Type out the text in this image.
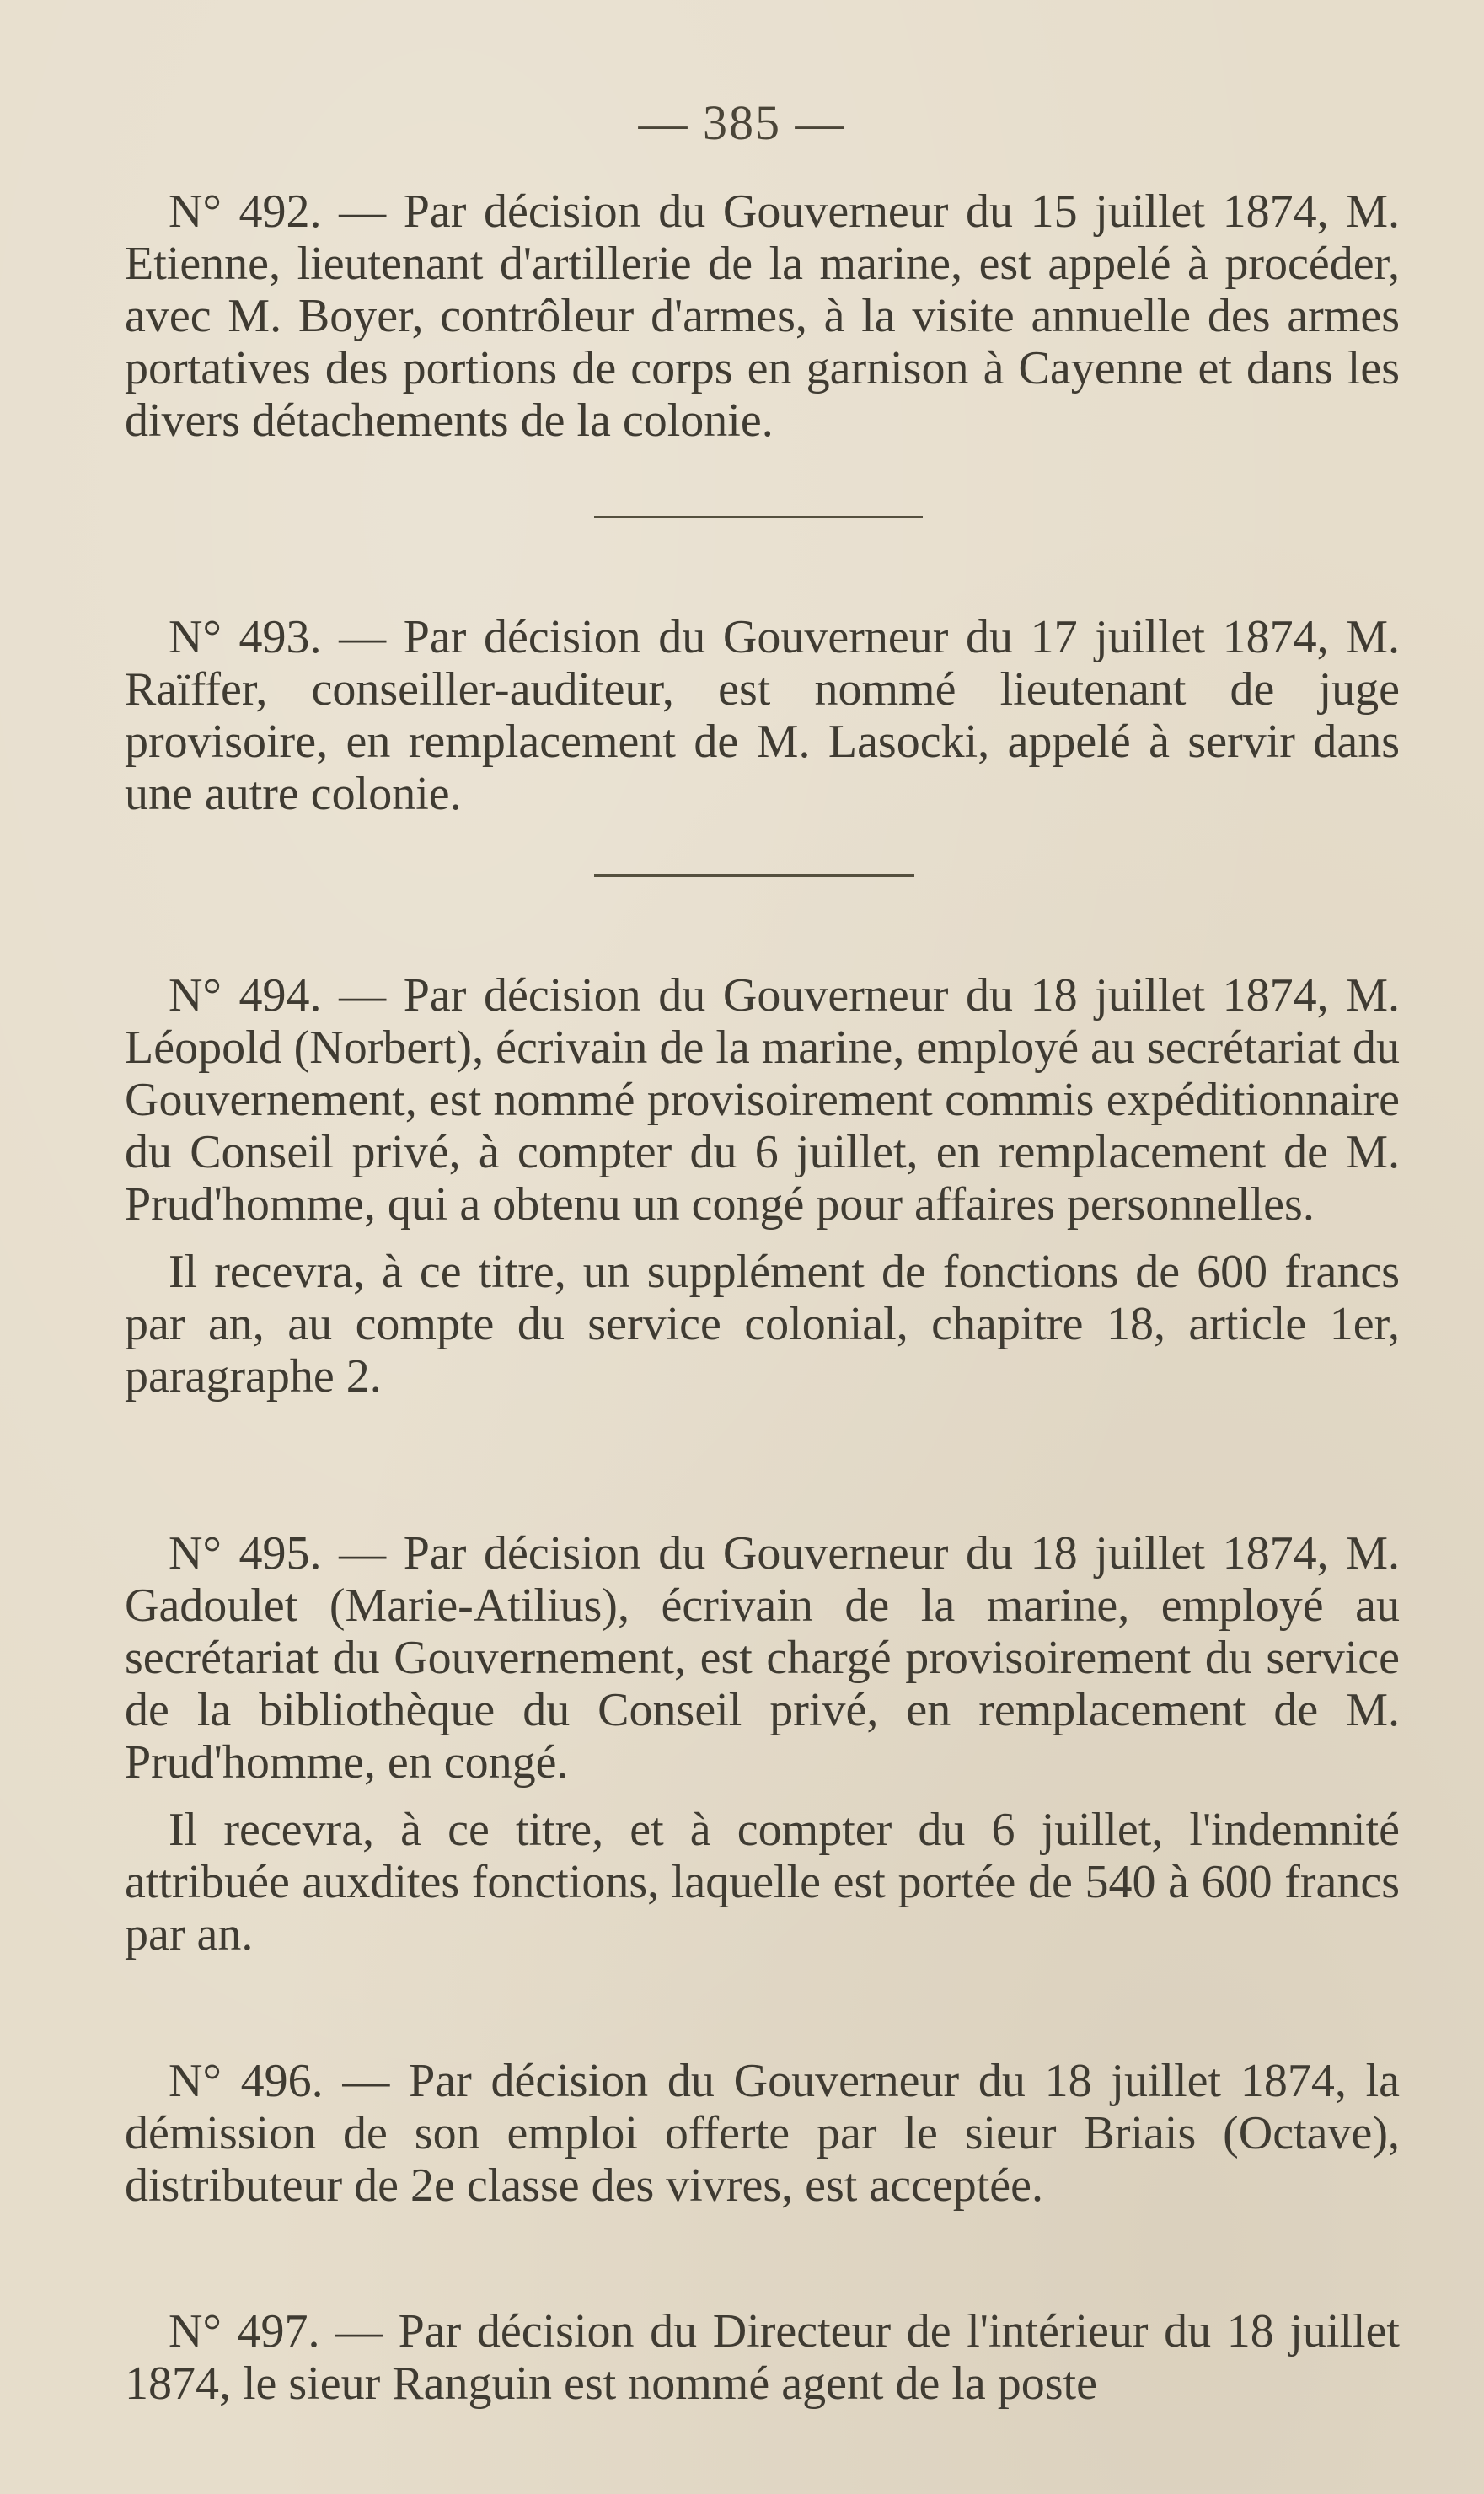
— 385 —

N° 492. — Par décision du Gouverneur du 15 juillet 1874, M. Etienne, lieutenant d'artillerie de la marine, est appelé à procéder, avec M. Boyer, contrôleur d'armes, à la visite annuelle des armes portatives des portions de corps en garnison à Cayenne et dans les divers détachements de la colonie.

N° 493. — Par décision du Gouverneur du 17 juillet 1874, M. Raïffer, conseiller-auditeur, est nommé lieutenant de juge provisoire, en remplacement de M. Lasocki, appelé à servir dans une autre colonie.

N° 494. — Par décision du Gouverneur du 18 juillet 1874, M. Léopold (Norbert), écrivain de la marine, employé au secrétariat du Gouvernement, est nommé provisoirement commis expéditionnaire du Conseil privé, à compter du 6 juillet, en remplacement de M. Prud'homme, qui a obtenu un congé pour affaires personnelles.

Il recevra, à ce titre, un supplément de fonctions de 600 francs par an, au compte du service colonial, chapitre 18, article 1er, paragraphe 2.

N° 495. — Par décision du Gouverneur du 18 juillet 1874, M. Gadoulet (Marie-Atilius), écrivain de la marine, employé au secrétariat du Gouvernement, est chargé provisoirement du service de la bibliothèque du Conseil privé, en remplacement de M. Prud'homme, en congé.

Il recevra, à ce titre, et à compter du 6 juillet, l'indemnité attribuée auxdites fonctions, laquelle est portée de 540 à 600 francs par an.

N° 496. — Par décision du Gouverneur du 18 juillet 1874, la démission de son emploi offerte par le sieur Briais (Octave), distributeur de 2e classe des vivres, est acceptée.

N° 497. — Par décision du Directeur de l'intérieur du 18 juillet 1874, le sieur Ranguin est nommé agent de la poste
